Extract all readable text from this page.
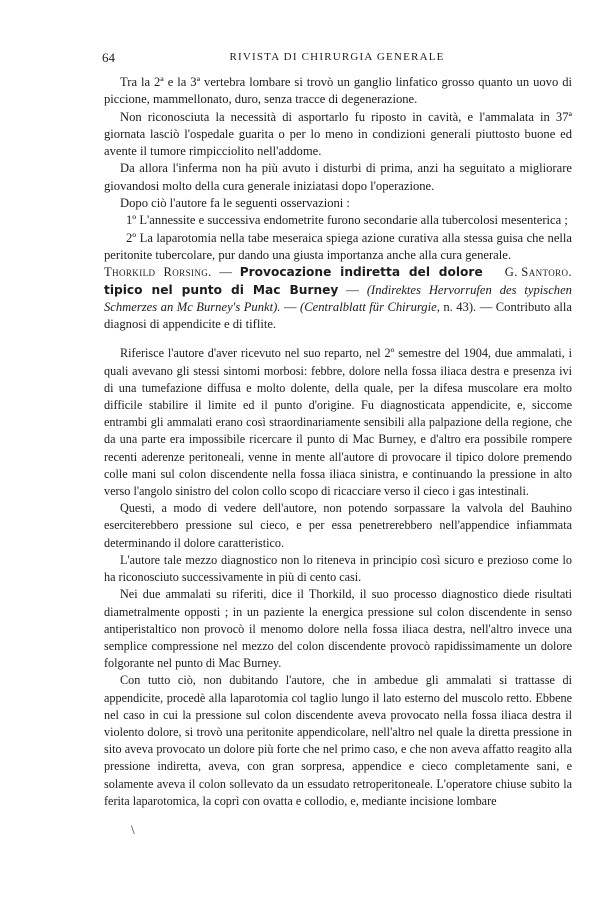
64	RIVISTA DI CHIRURGIA GENERALE

Tra la 2ª e la 3ª vertebra lombare si trovò un ganglio linfatico grosso quanto un uovo di piccione, mammellonato, duro, senza tracce di degenerazione.

Non riconosciuta la necessità di asportarlo fu riposto in cavità, e l'ammalata in 37ª giornata lasciò l'ospedale guarita o per lo meno in condizioni generali piuttosto buone ed avente il tumore rimpicciolito nell'addome.

Da allora l'inferma non ha più avuto i disturbi di prima, anzi ha seguitato a migliorare giovandosi molto della cura generale iniziatasi dopo l'operazione.

Dopo ciò l'autore fa le seguenti osservazioni :

1º L'annessite e successiva endometrite furono secondarie alla tubercolosi mesenterica ;

2º La laparotomia nella tabe meseraica spiega azione curativa alla stessa guisa che nella peritonite tubercolare, pur dando una giusta importanza anche alla cura generale.
G. Santoro.

Thorkild Rorsing. — Provocazione indiretta del dolore tipico nel punto di Mac Burney — (Indirektes Hervorrufen des typischen Schmerzes an Mc Burney's Punkt). — (Centralblatt für Chirurgie, n. 43). — Contributo alla diagnosi di appendicite e di tiflite.

Riferisce l'autore d'aver ricevuto nel suo reparto, nel 2º semestre del 1904, due ammalati, i quali avevano gli stessi sintomi morbosi: febbre, dolore nella fossa iliaca destra e presenza ivi di una tumefazione diffusa e molto dolente, della quale, per la difesa muscolare era molto difficile stabilire il limite ed il punto d'origine. Fu diagnosticata appendicite, e, siccome entrambi gli ammalati erano così straordinariamente sensibili alla palpazione della regione, che da una parte era impossibile ricercare il punto di Mac Burney, e d'altro era possibile rompere recenti aderenze peritoneali, venne in mente all'autore di provocare il tipico dolore premendo colle mani sul colon discendente nella fossa iliaca sinistra, e continuando la pressione in alto verso l'angolo sinistro del colon collo scopo di ricacciare verso il cieco i gas intestinali.

Questi, a modo di vedere dell'autore, non potendo sorpassare la valvola del Bauhino eserciterebbero pressione sul cieco, e per essa penetrerebbero nell'appendice infiammata determinando il dolore caratteristico.

L'autore tale mezzo diagnostico non lo riteneva in principio così sicuro e prezioso come lo ha riconosciuto successivamente in più di cento casi.

Nei due ammalati su riferiti, dice il Thorkild, il suo processo diagnostico diede risultati diametralmente opposti ; in un paziente la energica pressione sul colon discendente in senso antiperistaltico non provocò il menomo dolore nella fossa iliaca destra, nell'altro invece una semplice compressione nel mezzo del colon discendente provocò rapidissimamente un dolore folgorante nel punto di Mac Burney.

Con tutto ciò, non dubitando l'autore, che in ambedue gli ammalati si trattasse di appendicite, procedè alla laparotomia col taglio lungo il lato esterno del muscolo retto. Ebbene nel caso in cui la pressione sul colon discendente aveva provocato nella fossa iliaca destra il violento dolore, si trovò una peritonite appendicolare, nell'altro nel quale la diretta pressione in sito aveva provocato un dolore più forte che nel primo caso, e che non aveva affatto reagito alla pressione indiretta, aveva, con gran sorpresa, appendice e cieco completamente sani, e solamente aveva il colon sollevato da un essudato retroperitoneale. L'operatore chiuse subito la ferita laparotomica, la coprì con ovatta e collodio, e, mediante incisione lombare

\
